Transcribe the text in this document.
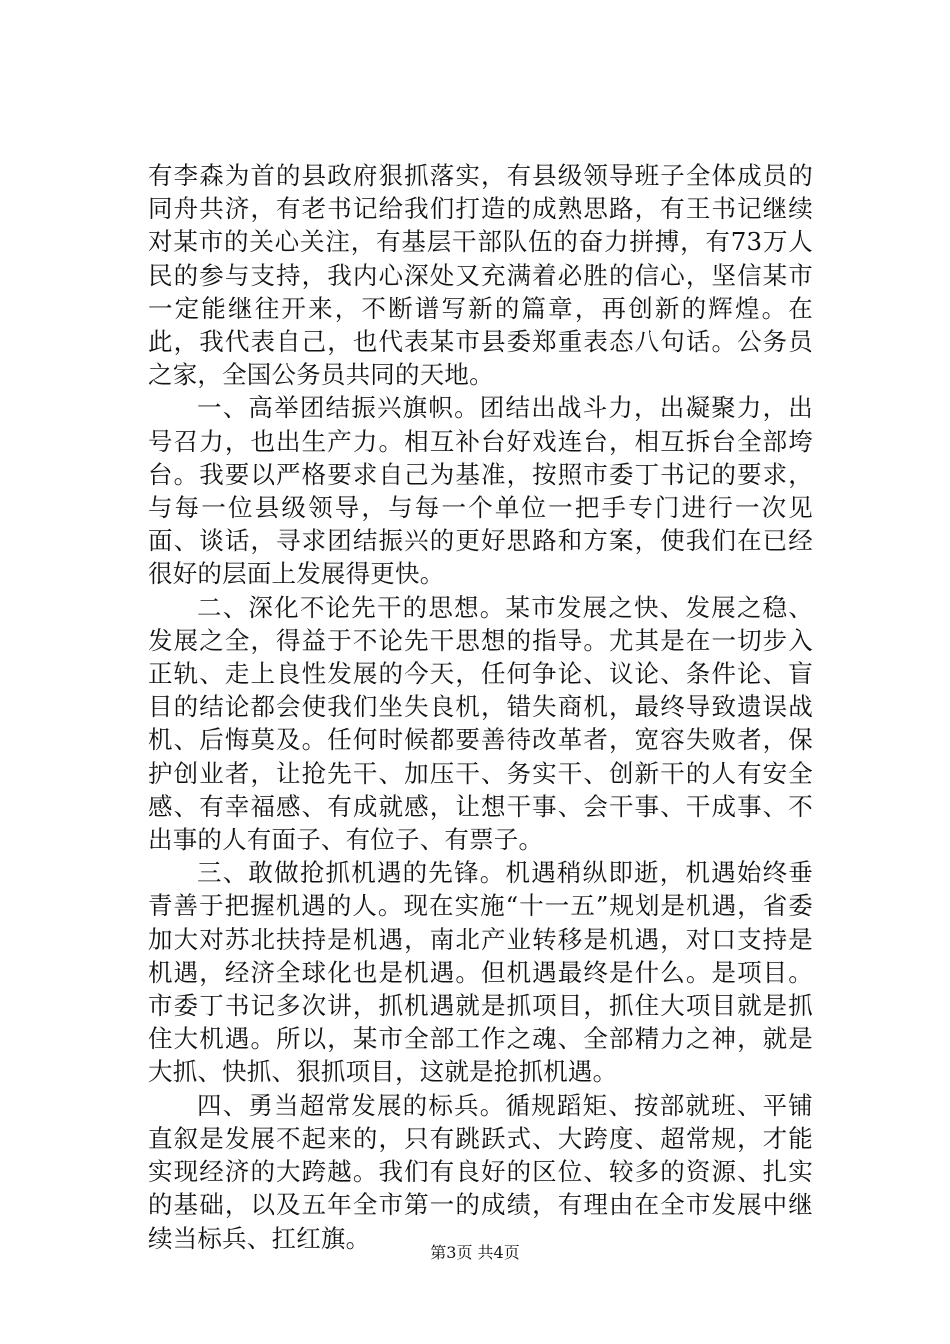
有李森为首的县政府狠抓落实，有县级领导班子全体成员的同舟共济，有老书记给我们打造的成熟思路，有王书记继续对某市的关心关注，有基层干部队伍的奋力拼搏，有73万人民的参与支持，我内心深处又充满着必胜的信心，坚信某市一定能继往开来，不断谱写新的篇章，再创新的辉煌。在此，我代表自己，也代表某市县委郑重表态八句话。公务员之家，全国公务员共同的天地。

一、高举团结振兴旗帜。团结出战斗力，出凝聚力，出号召力，也出生产力。相互补台好戏连台，相互拆台全部垮台。我要以严格要求自己为基准，按照市委丁书记的要求，与每一位县级领导，与每一个单位一把手专门进行一次见面、谈话，寻求团结振兴的更好思路和方案，使我们在已经很好的层面上发展得更快。

二、深化不论先干的思想。某市发展之快、发展之稳、发展之全，得益于不论先干思想的指导。尤其是在一切步入正轨、走上良性发展的今天，任何争论、议论、条件论、盲目的结论都会使我们坐失良机，错失商机，最终导致遗误战机、后悔莫及。任何时候都要善待改革者，宽容失败者，保护创业者，让抢先干、加压干、务实干、创新干的人有安全感、有幸福感、有成就感，让想干事、会干事、干成事、不出事的人有面子、有位子、有票子。

三、敢做抢抓机遇的先锋。机遇稍纵即逝，机遇始终垂青善于把握机遇的人。现在实施“十一五”规划是机遇，省委加大对苏北扶持是机遇，南北产业转移是机遇，对口支持是机遇，经济全球化也是机遇。但机遇最终是什么。是项目。市委丁书记多次讲，抓机遇就是抓项目，抓住大项目就是抓住大机遇。所以，某市全部工作之魂、全部精力之神，就是大抓、快抓、狠抓项目，这就是抢抓机遇。

四、勇当超常发展的标兵。循规蹈矩、按部就班、平铺直叙是发展不起来的，只有跳跃式、大跨度、超常规，才能实现经济的大跨越。我们有良好的区位、较多的资源、扎实的基础，以及五年全市第一的成绩，有理由在全市发展中继续当标兵、扛红旗。	第3页 共4页
